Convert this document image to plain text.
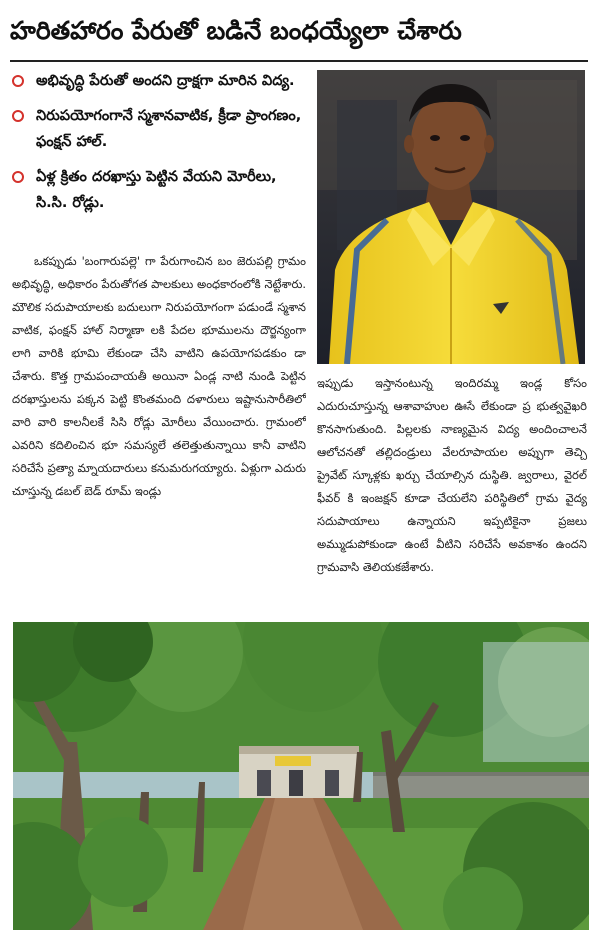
హరితహారం పేరుతో బడినే బంధయ్యేలా చేశారు
అభివృద్ధి పేరుతో అందని ద్రాక్షగా మారిన విద్య.
నిరుపయోగంగానే స్మశానవాటిక, క్రీడా ప్రాంగణం, ఫంక్షన్ హాల్.
ఏళ్ల క్రితం దరఖాస్తు పెట్టిన వేయని మోరీలు, సి.సి. రోడ్లు.

ఒకప్పుడు 'బంగారుపల్లె' గా పేరుగాంచిన బం జెరుపల్లి గ్రామం అభివృద్ధి, అధికారం పేరుతోగత పాలకులు అంధకారంలోకి నెట్టేశారు. మౌలిక సదుపాయాలకు బదులుగా నిరుపయోగంగా పడుండే స్మశాన వాటిక, ఫంక్షన్ హాల్ నిర్మాణా లకి పేదల భూములను దౌర్జన్యంగా లాగి వారికి భూమి లేకుండా చేసి వాటిని ఉపయోగపడకుం డా చేశారు. కొత్త గ్రామపంచాయతీ అయినా ఏండ్ల నాటి నుండి పెట్టిన దరఖాస్తులను పక్కన పెట్టి కొంతమంది దళారులు ఇష్టానుసారీతిలో వారి వారి కాలనీలకే సిసి రోడ్లు మోరీలు వేయించారు. గ్రామంలో ఎవరిని కదిలించిన భూ సమస్యలే తలెత్తుతున్నాయి కానీ వాటిని సరిచేసే ప్రత్యా మ్నాయదారులు కనుమరుగయ్యారు. ఏళ్లుగా ఎదురు చూస్తున్న డబల్ బెడ్ రూమ్ ఇండ్లు

ఇప్పుడు ఇస్తానంటున్న ఇందిరమ్మ ఇండ్ల కోసం ఎదురుచూస్తున్న ఆశావాహుల ఊసే లేకుండా ప్ర భుత్వవైఖరి కొనసాగుతుంది. పిల్లలకు నాణ్యమైన విద్య అందించాలనే ఆలోచనతో తల్లిదండ్రులు వేలరూపాయల అప్పుగా తెచ్చి ప్రైవేట్ స్కూళ్లకు ఖర్చు చేయాల్సిన దుస్థితి. జ్వరాలు, వైరల్ ఫీవర్ కి ఇంజక్షన్ కూడా చేయలేని పరిస్థితిలో గ్రామ వైద్య సదుపాయాలు ఉన్నాయని ఇప్పటికైనా ప్రజలు అమ్ముడుపోకుండా ఉంటే వీటిని సరిచేసే అవకాశం ఉందని గ్రామవాసి తెలియకజేశారు.
